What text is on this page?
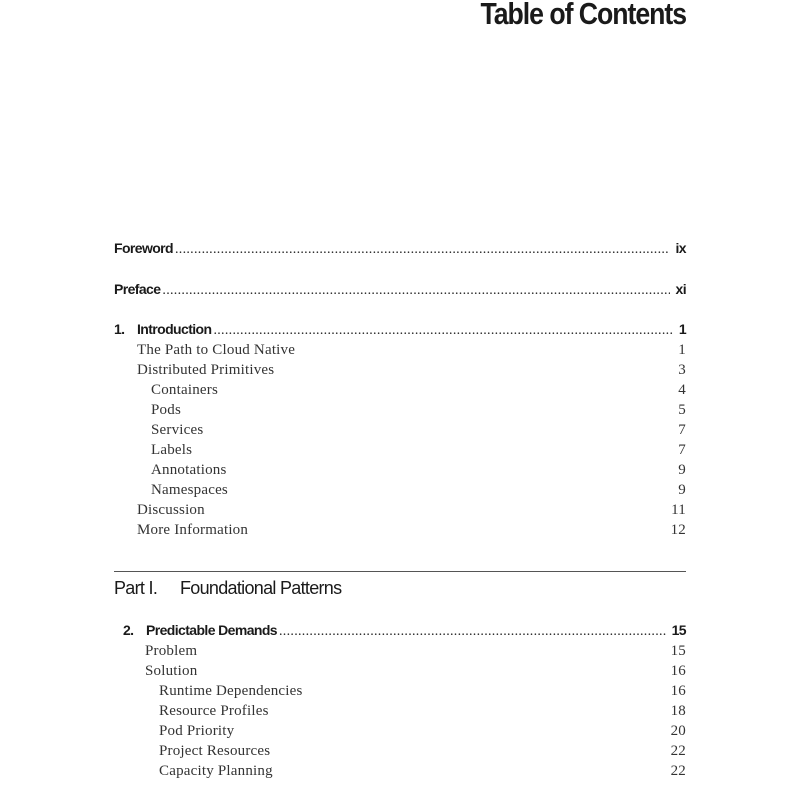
Table of Contents
Foreword . . .	ix
Preface . . .	xi
1. Introduction . . .	1
The Path to Cloud Native	1
Distributed Primitives	3
Containers	4
Pods	5
Services	7
Labels	7
Annotations	9
Namespaces	9
Discussion	11
More Information	12
2. Predictable Demands . . .	15
Problem	15
Solution	16
Runtime Dependencies	16
Resource Profiles	18
Pod Priority	20
Project Resources	22
Capacity Planning	22
Part I. Foundational Patterns
